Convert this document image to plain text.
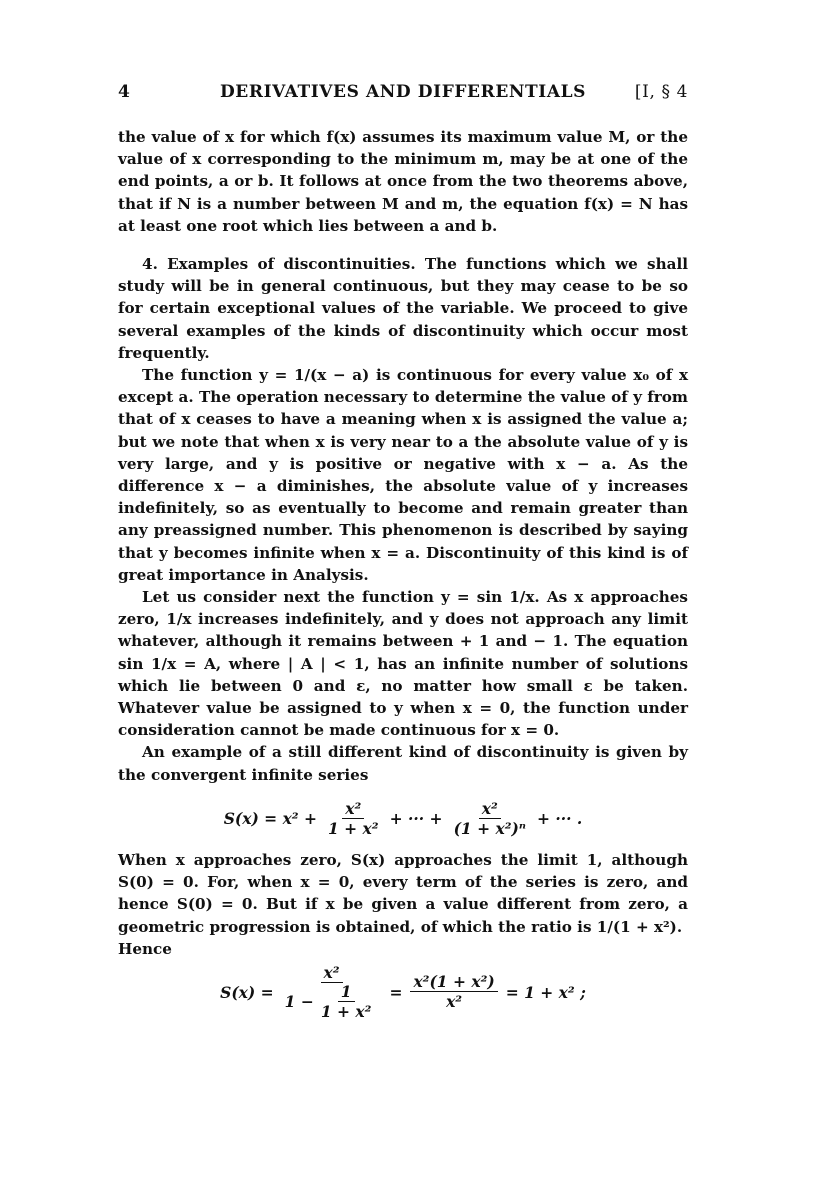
4	DERIVATIVES AND DIFFERENTIALS	[I, § 4

the value of x for which f(x) assumes its maximum value M, or the value of x corresponding to the minimum m, may be at one of the end points, a or b. It follows at once from the two theorems above, that if N is a number between M and m, the equation f(x) = N has at least one root which lies between a and b.

4. Examples of discontinuities. The functions which we shall study will be in general continuous, but they may cease to be so for certain exceptional values of the variable. We proceed to give several examples of the kinds of discontinuity which occur most frequently.

The function y = 1/(x − a) is continuous for every value x₀ of x except a. The operation necessary to determine the value of y from that of x ceases to have a meaning when x is assigned the value a; but we note that when x is very near to a the absolute value of y is very large, and y is positive or negative with x − a. As the difference x − a diminishes, the absolute value of y increases indefinitely, so as eventually to become and remain greater than any preassigned number. This phenomenon is described by saying that y becomes infinite when x = a. Discontinuity of this kind is of great importance in Analysis.

Let us consider next the function y = sin 1/x. As x approaches zero, 1/x increases indefinitely, and y does not approach any limit whatever, although it remains between + 1 and − 1. The equation sin 1/x = A, where | A | < 1, has an infinite number of solutions which lie between 0 and ε, no matter how small ε be taken. Whatever value be assigned to y when x = 0, the function under consideration cannot be made continuous for x = 0.

An example of a still different kind of discontinuity is given by the convergent infinite series

$S(x) = x^2 + \frac{\text{x²}}{\text{1 + x²}}$ + ··· + $\frac{\text{x²}}{\text{(1 + x²)ⁿ}}$ + ··· .

When x approaches zero, S(x) approaches the limit 1, although S(0) = 0. For, when x = 0, every term of the series is zero, and hence S(0) = 0. But if x be given a value different from zero, a geometric progression is obtained, of which the ratio is 1/(1 + x²).

Hence

$S(x) = \frac{\text{x²}}{1 - \frac{1}{\text{1 + x²}}} = \frac{\text{x²(1 + x²)}}{\text{x²}} = 1 + x^2$ ;
